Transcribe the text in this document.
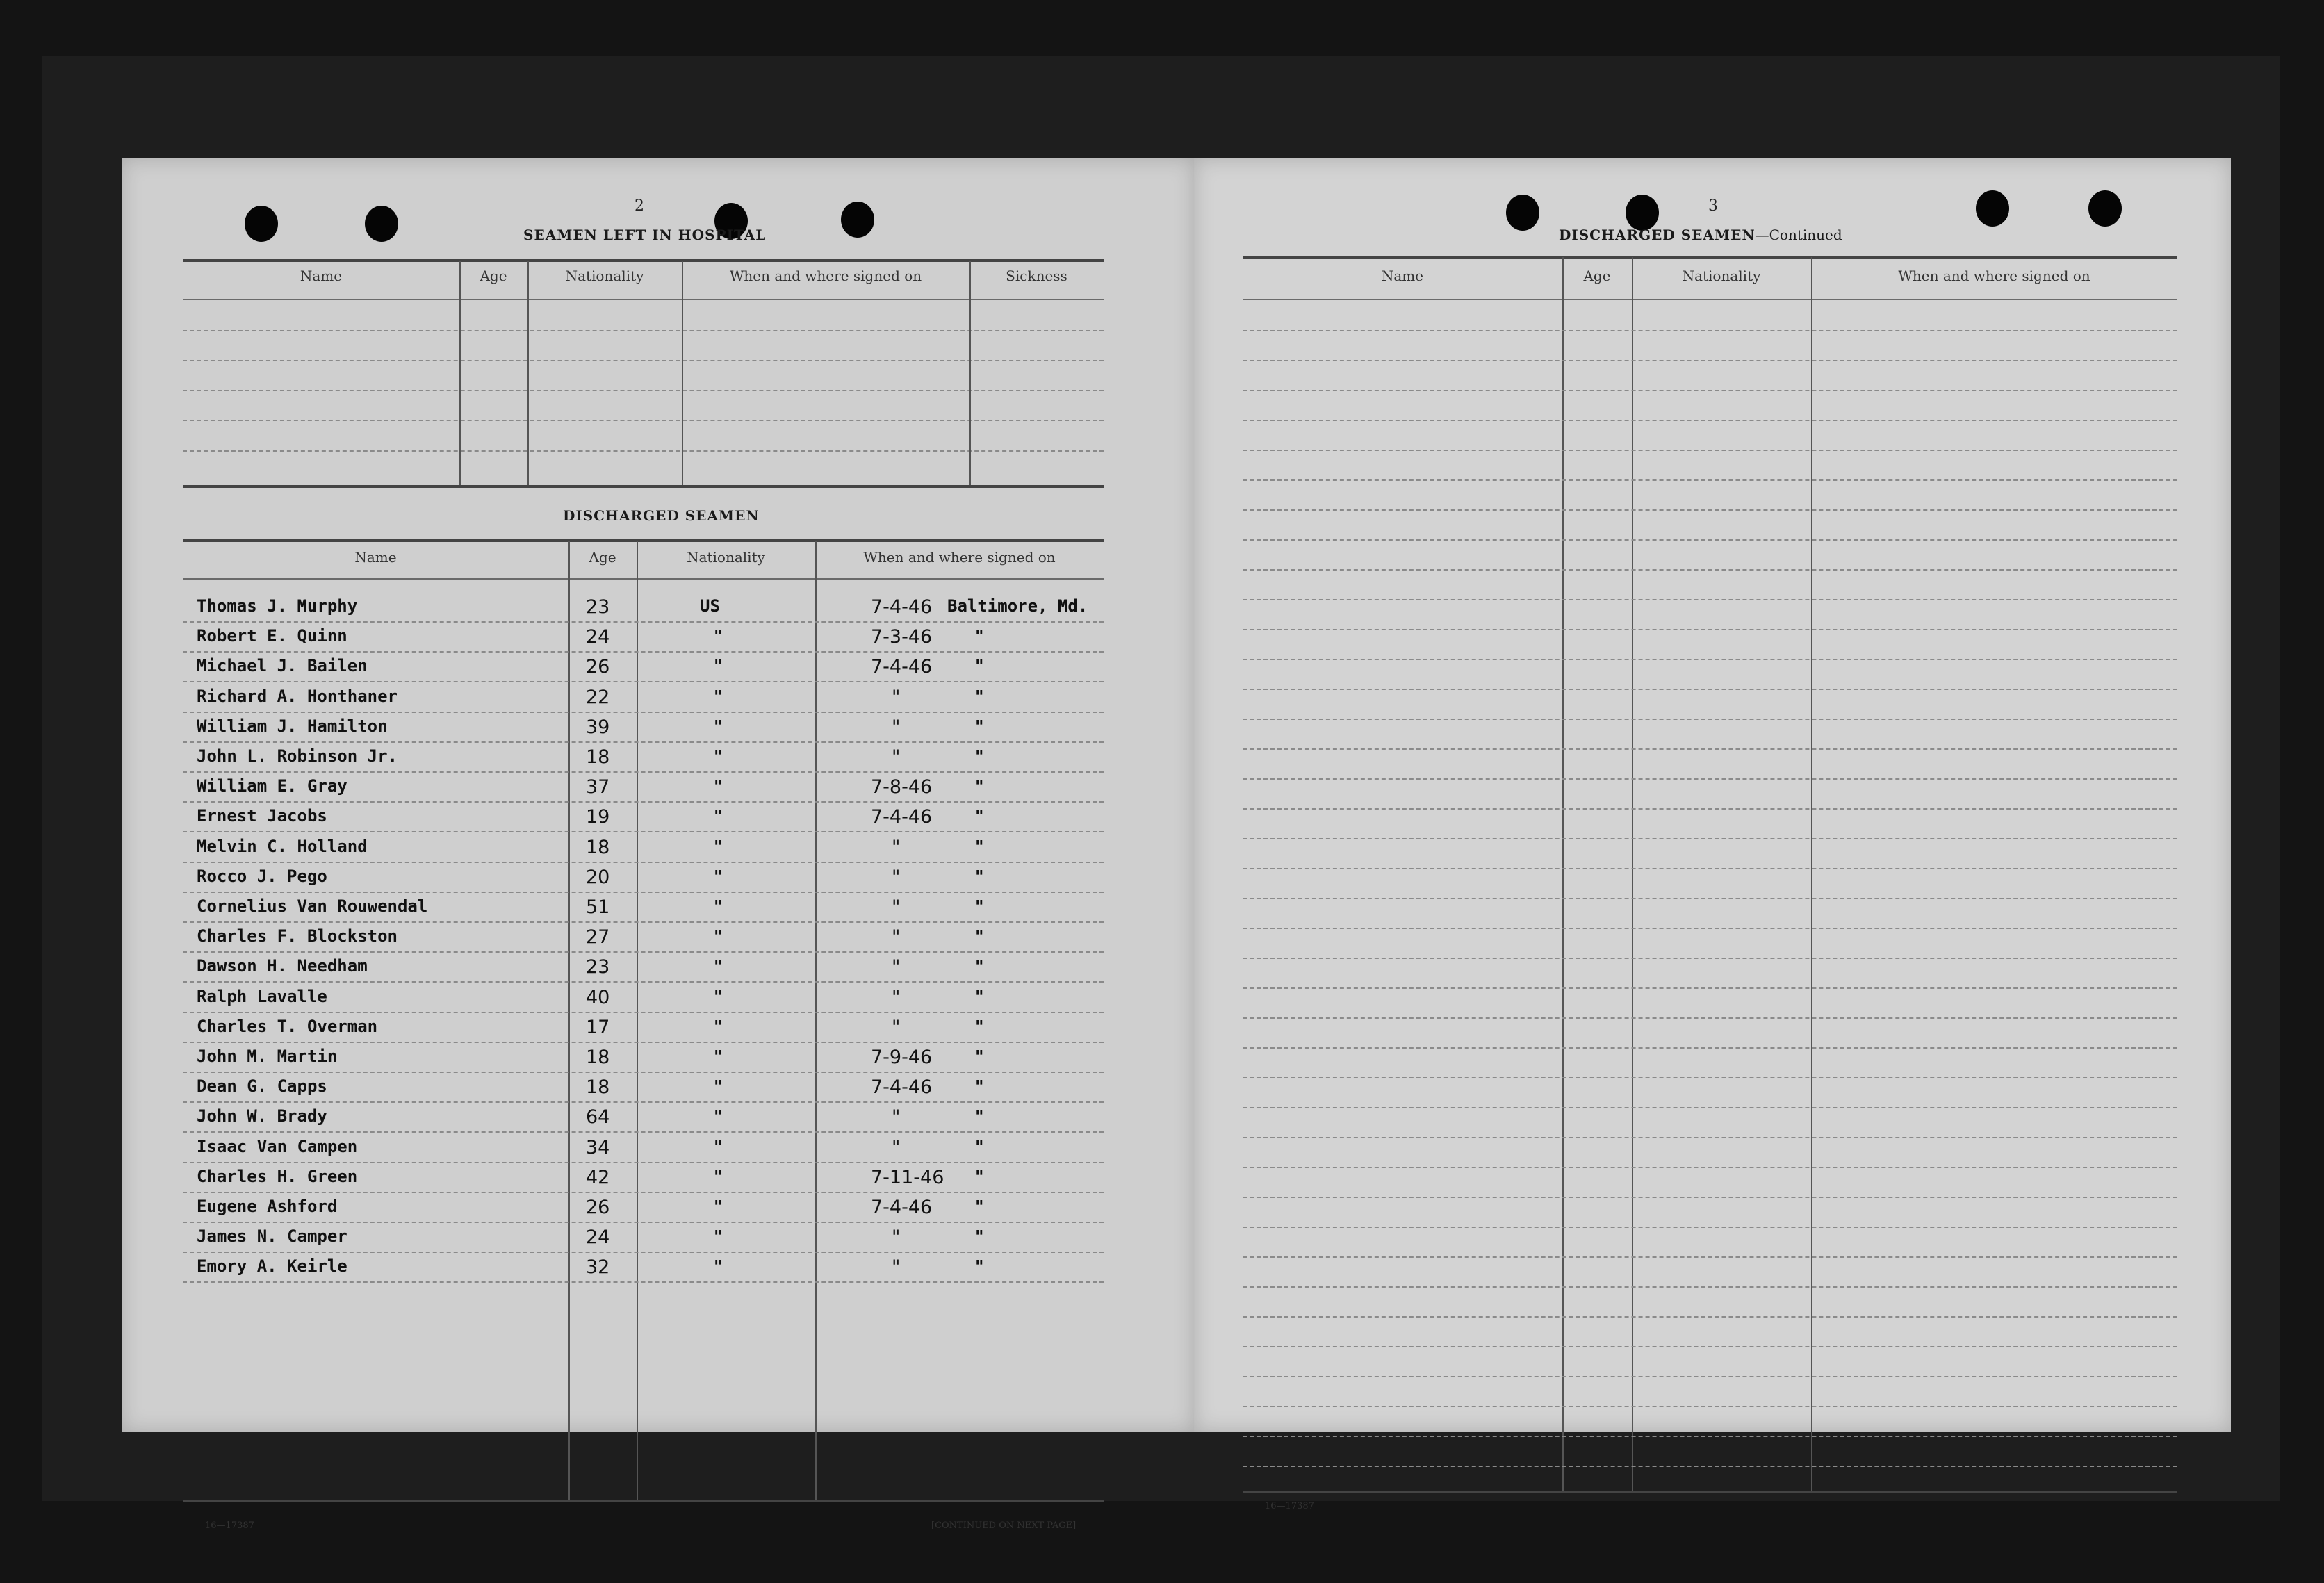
2
SEAMEN LEFT IN HOSPITAL
Name	Age	Nationality	When and where signed on	Sickness
DISCHARGED SEAMEN
Name	Age	Nationality	When and where signed on
Thomas J. Murphy	23	US	7-4-46 Baltimore, Md.
Robert E. Quinn	24	"	7-3-46	"
Michael J. Bailen	26	"	7-4-46	"
Richard A. Honthaner	22	"	"	"
William J. Hamilton	39	"	"	"
John L. Robinson Jr.	18	"	"	"
William E. Gray	37	"	7-8-46	"
Ernest Jacobs	19	"	7-4-46	"
Melvin C. Holland	18	"	"	"
Rocco J. Pego	20	"	"	"
Cornelius Van Rouwendal	51	"	"	"
Charles F. Blockston	27	"	"	"
Dawson H. Needham	23	"	"	"
Ralph Lavalle	40	"	"	"
Charles T. Overman	17	"	"	"
John M. Martin	18	"	7-9-46	"
Dean G. Capps	18	"	7-4-46	"
John W. Brady	64	"	"	"
Isaac Van Campen	34	"	"	"
Charles H. Green	42	"	7-11-46 "
Eugene Ashford	26	"	7-4-46	"
James N. Camper	24	"	"	"
Emory A. Keirle	32	"	"	"
16—17387	[CONTINUED ON NEXT PAGE]
3
DISCHARGED SEAMEN—Continued
Name	Age	Nationality	When and where signed on
16—17387
